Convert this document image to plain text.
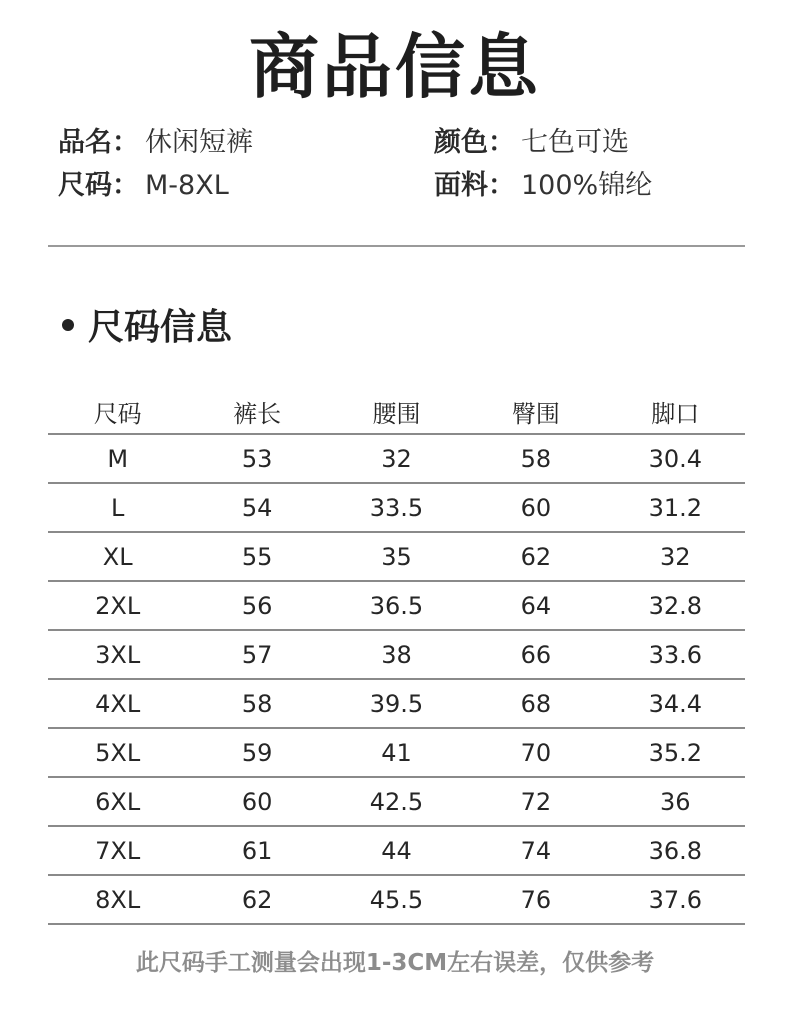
商品信息
品名： 休闲短裤	颜色： 七色可选
尺码： M-8XL	面料： 100%锦纶
尺码信息
尺码	裤长	腰围	臀围	脚口
M	53	32	58	30.4
L	54	33.5	60	31.2
XL	55	35	62	32
2XL	56	36.5	64	32.8
3XL	57	38	66	33.6
4XL	58	39.5	68	34.4
5XL	59	41	70	35.2
6XL	60	42.5	72	36
7XL	61	44	74	36.8
8XL	62	45.5	76	37.6
此尺码手工测量会出现1-3CM左右误差，仅供参考
